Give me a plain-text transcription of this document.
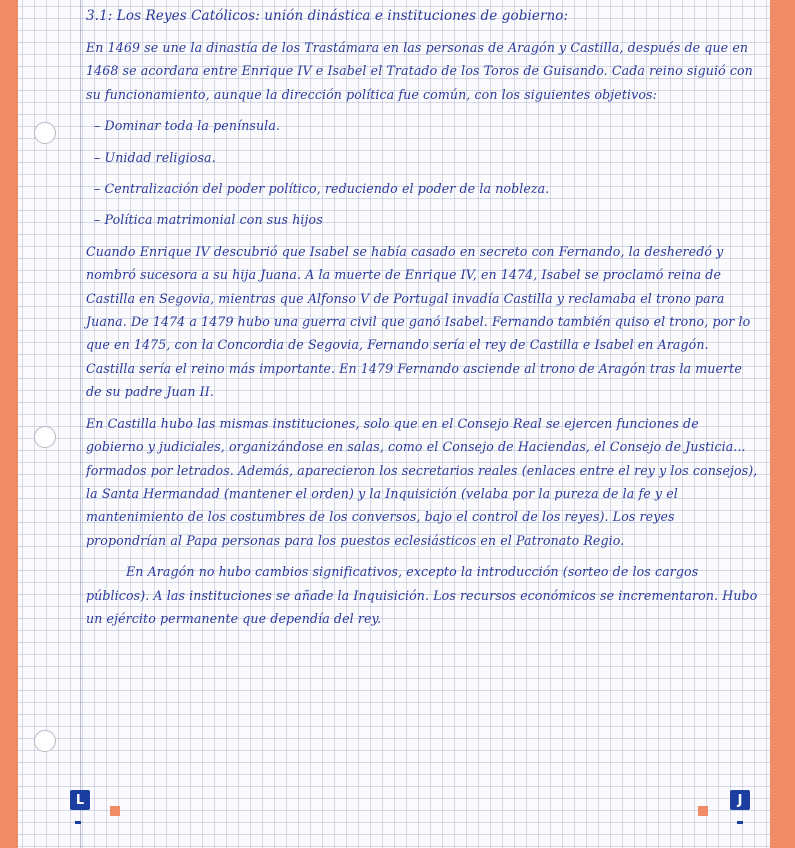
3.1: Los Reyes Católicos: unión dinástica e instituciones de gobierno:
En 1469 se une la dinastía de los Trastámara en las personas de Aragón y Castilla, después de que en 1468 se acordara entre Enrique IV e Isabel el Tratado de los Toros de Guisando. Cada reino siguió con su funcionamiento, aunque la dirección política fue común, con los siguientes objetivos:
– Dominar toda la península.
– Unidad religiosa.
– Centralización del poder político, reduciendo el poder de la nobleza.
– Política matrimonial con sus hijos
Cuando Enrique IV descubrió que Isabel se había casado en secreto con Fernando, la desheredó y nombró sucesora a su hija Juana. A la muerte de Enrique IV, en 1474, Isabel se proclamó reina de Castilla en Segovia, mientras que Alfonso V de Portugal invadía Castilla y reclamaba el trono para Juana. De 1474 a 1479 hubo una guerra civil que ganó Isabel. Fernando también quiso el trono, por lo que en 1475, con la Concordia de Segovia, Fernando sería el rey de Castilla e Isabel en Aragón. Castilla sería el reino más importante. En 1479 Fernando asciende al trono de Aragón tras la muerte de su padre Juan II.
En Castilla hubo las mismas instituciones, solo que en el Consejo Real se ejercen funciones de gobierno y judiciales, organizándose en salas, como el Consejo de Haciendas, el Consejo de Justicia... formados por letrados. Además, aparecieron los secretarios reales (enlaces entre el rey y los consejos), la Santa Hermandad (mantener el orden) y la Inquisición (velaba por la pureza de la fe y el mantenimiento de los costumbres de los conversos, bajo el control de los reyes). Los reyes propondrían al Papa personas para los puestos eclesiásticos en el Patronato Regio.
En Aragón no hubo cambios significativos, excepto la introducción (sorteo de los cargos públicos). A las instituciones se añade la Inquisición. Los recursos económicos se incrementaron. Hubo un ejército permanente que dependía del rey.
L	J
